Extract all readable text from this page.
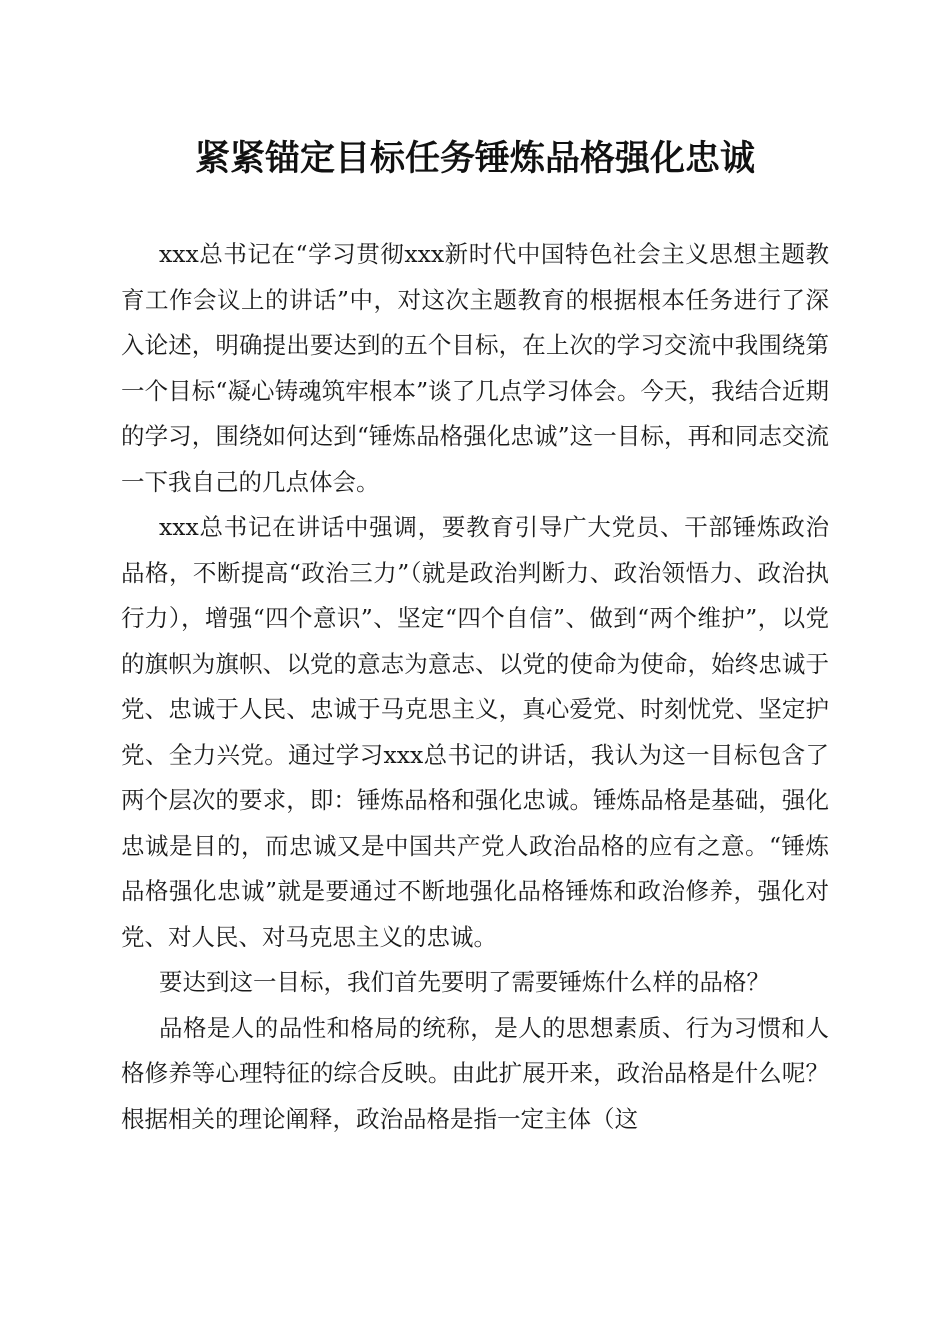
紧紧锚定目标任务锤炼品格强化忠诚

xxx总书记在“学习贯彻xxx新时代中国特色社会主义思想主题教育工作会议上的讲话”中，对这次主题教育的根据根本任务进行了深入论述，明确提出要达到的五个目标，在上次的学习交流中我围绕第一个目标“凝心铸魂筑牢根本”谈了几点学习体会。今天，我结合近期的学习，围绕如何达到“锤炼品格强化忠诚”这一目标，再和同志交流一下我自己的几点体会。

xxx总书记在讲话中强调，要教育引导广大党员、干部锤炼政治品格，不断提高“政治三力”（就是政治判断力、政治领悟力、政治执行力），增强“四个意识”、坚定“四个自信”、做到“两个维护”，以党的旗帜为旗帜、以党的意志为意志、以党的使命为使命，始终忠诚于党、忠诚于人民、忠诚于马克思主义，真心爱党、时刻忧党、坚定护党、全力兴党。通过学习xxx总书记的讲话，我认为这一目标包含了两个层次的要求，即：锤炼品格和强化忠诚。锤炼品格是基础，强化忠诚是目的，而忠诚又是中国共产党人政治品格的应有之意。“锤炼品格强化忠诚”就是要通过不断地强化品格锤炼和政治修养，强化对党、对人民、对马克思主义的忠诚。

要达到这一目标，我们首先要明了需要锤炼什么样的品格？

品格是人的品性和格局的统称，是人的思想素质、行为习惯和人格修养等心理特征的综合反映。由此扩展开来，政治品格是什么呢？根据相关的理论阐释，政治品格是指一定主体（这
